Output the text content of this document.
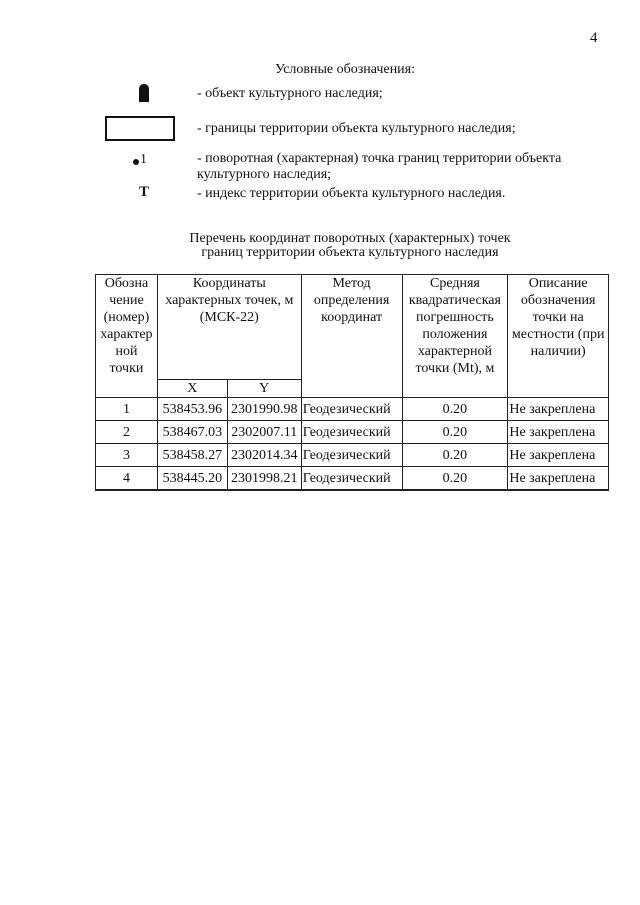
4
Условные обозначения:
- объект культурного наследия;
- границы территории объекта культурного наследия;
1	- поворотная (характерная) точка границ территории объекта
культурного наследия;
Т	- индекс территории объекта культурного наследия.
Перечень координат поворотных (характерных) точек
границ территории объекта культурного наследия
Обозна чение (номер) характер ной точки	Координаты характерных точек, м (МСК-22)		Метод определения координат	Средняя квадратическая погрешность положения характерной точки (Mt), м	Описание обозначения точки на местности (при наличии)
	X	Y			
1	538453.96	2301990.98	Геодезический	0.20	Не закреплена
2	538467.03	2302007.11	Геодезический	0.20	Не закреплена
3	538458.27	2302014.34	Геодезический	0.20	Не закреплена
4	538445.20	2301998.21	Геодезический	0.20	Не закреплена
